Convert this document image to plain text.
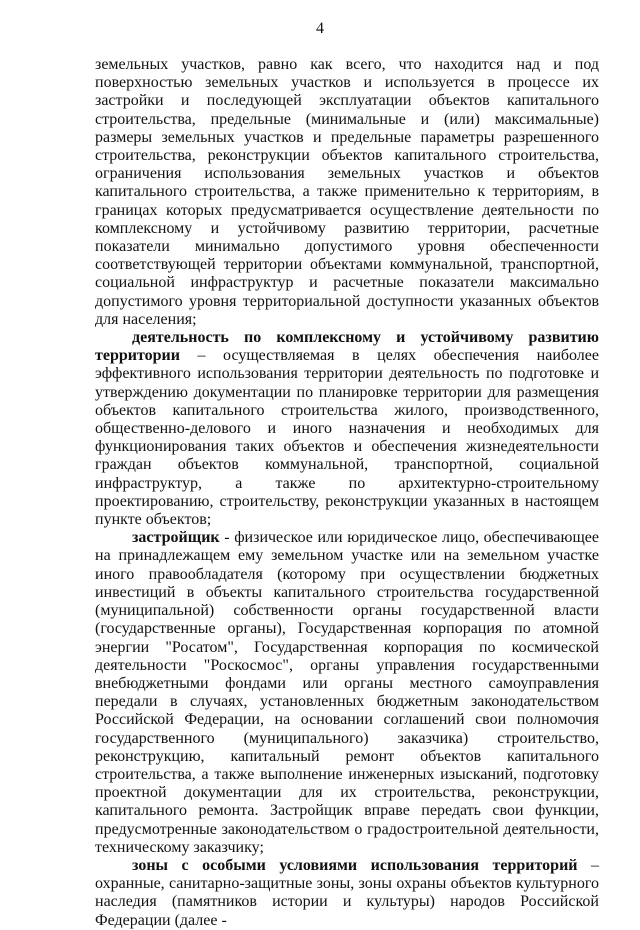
4

земельных участков, равно как всего, что находится над и под поверхностью земельных участков и используется в процессе их застройки и последующей эксплуатации объектов капитального строительства, предельные (минимальные и (или) максимальные) размеры земельных участков и предельные параметры разрешенного строительства, реконструкции объектов капитального строительства, ограничения использования земельных участков и объектов капитального строительства, а также применительно к территориям, в границах которых предусматривается осуществление деятельности по комплексному и устойчивому развитию территории, расчетные показатели минимально допустимого уровня обеспеченности соответствующей территории объектами коммунальной, транспортной, социальной инфраструктур и расчетные показатели максимально допустимого уровня территориальной доступности указанных объектов для населения;

деятельность по комплексному и устойчивому развитию территории – осуществляемая в целях обеспечения наиболее эффективного использования территории деятельность по подготовке и утверждению документации по планировке территории для размещения объектов капитального строительства жилого, производственного, общественно-делового и иного назначения и необходимых для функционирования таких объектов и обеспечения жизнедеятельности граждан объектов коммунальной, транспортной, социальной инфраструктур, а также по архитектурно-строительному проектированию, строительству, реконструкции указанных в настоящем пункте объектов;

застройщик - физическое или юридическое лицо, обеспечивающее на принадлежащем ему земельном участке или на земельном участке иного правообладателя (которому при осуществлении бюджетных инвестиций в объекты капитального строительства государственной (муниципальной) собственности органы государственной власти (государственные органы), Государственная корпорация по атомной энергии "Росатом", Государственная корпорация по космической деятельности "Роскосмос", органы управления государственными внебюджетными фондами или органы местного самоуправления передали в случаях, установленных бюджетным законодательством Российской Федерации, на основании соглашений свои полномочия государственного (муниципального) заказчика) строительство, реконструкцию, капитальный ремонт объектов капитального строительства, а также выполнение инженерных изысканий, подготовку проектной документации для их строительства, реконструкции, капитального ремонта. Застройщик вправе передать свои функции, предусмотренные законодательством о градостроительной деятельности, техническому заказчику;

зоны с особыми условиями использования территорий – охранные, санитарно-защитные зоны, зоны охраны объектов культурного наследия (памятников истории и культуры) народов Российской Федерации (далее -
